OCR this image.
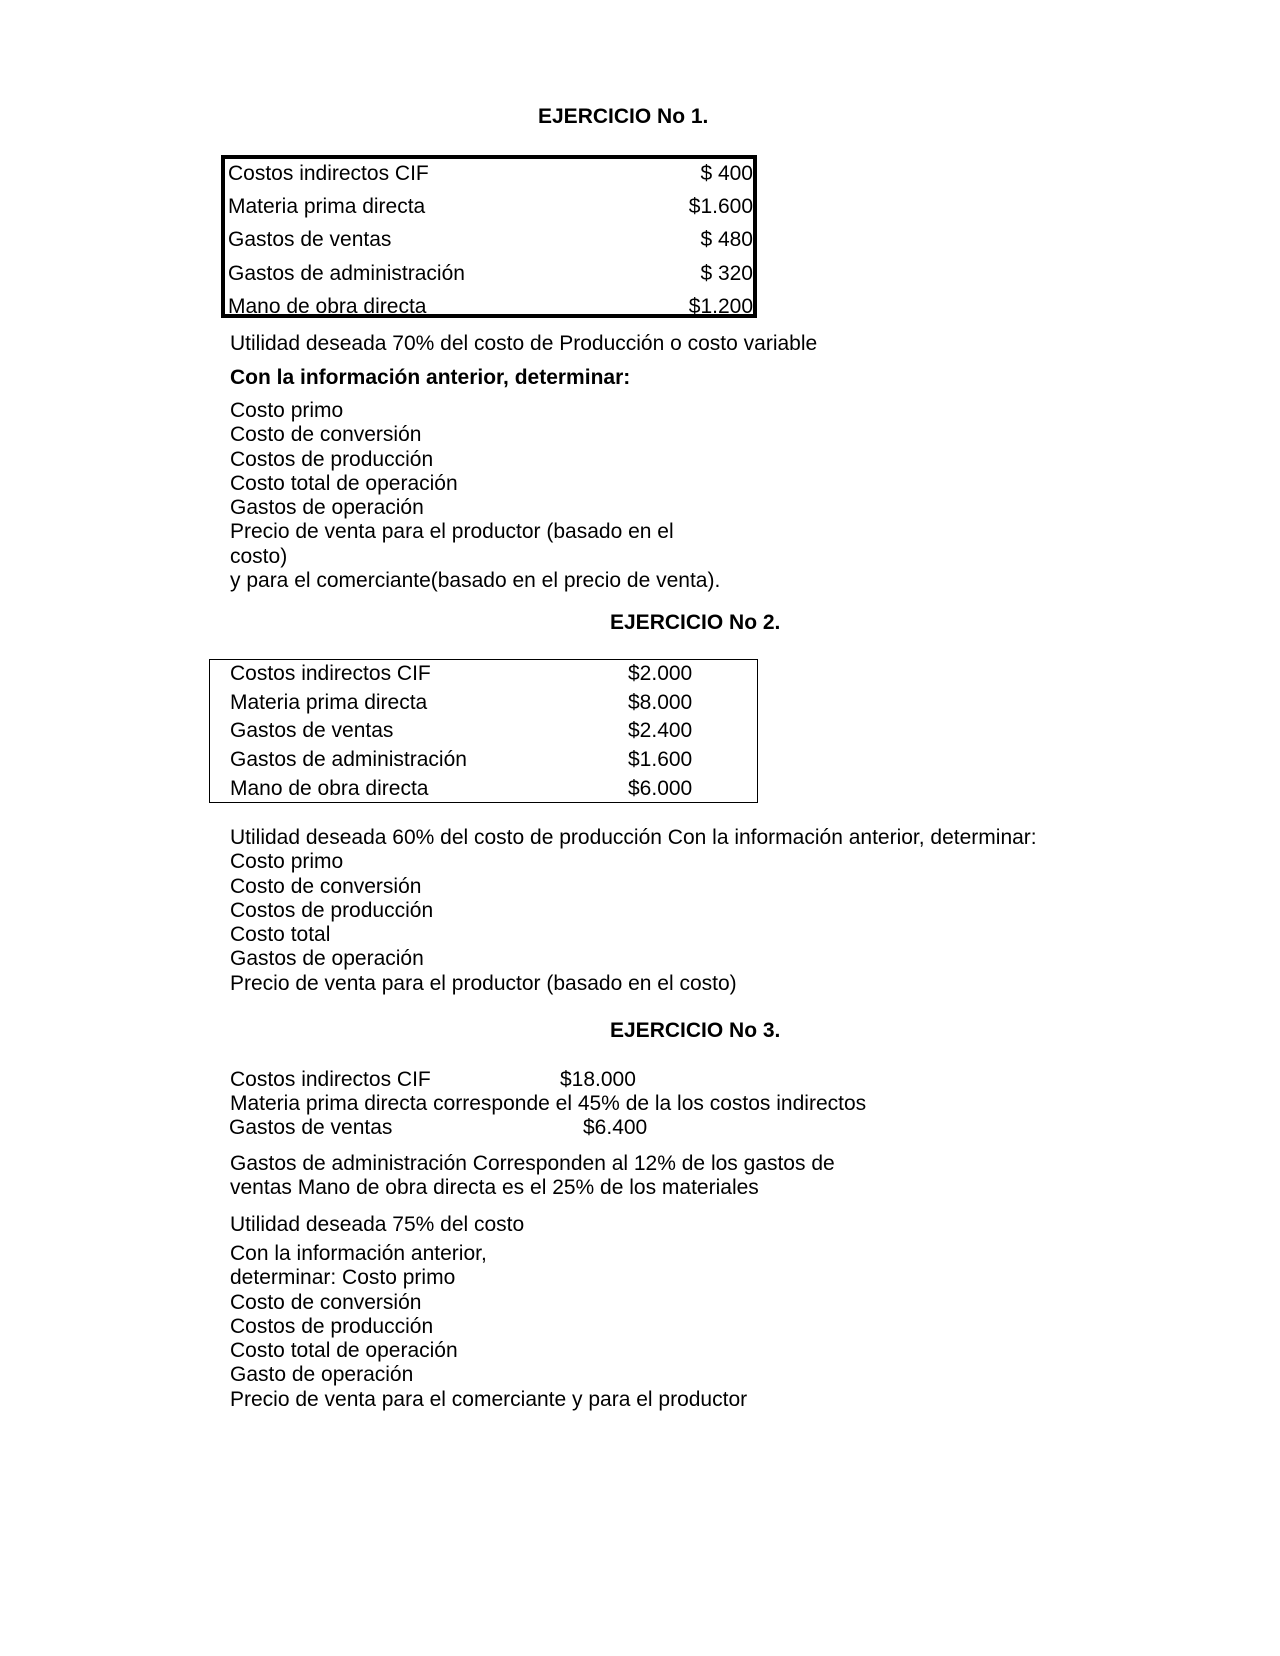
EJERCICIO No 1.
Costos indirectos CIF	$ 400
Materia prima directa	$1.600
Gastos de ventas	$ 480
Gastos de administración	$ 320
Mano de obra directa	$1.200
Utilidad deseada 70% del costo de Producción o costo variable
Con la información anterior, determinar:
Costo primo
Costo de conversión
Costos de producción
Costo total de operación
Gastos de operación
Precio de venta para el productor (basado en el
costo)
y para el comerciante(basado en el precio de venta).
EJERCICIO No 2.
Costos indirectos CIF	$2.000
Materia prima directa	$8.000
Gastos de ventas	$2.400
Gastos de administración	$1.600
Mano de obra directa	$6.000
Utilidad deseada 60% del costo de producción Con la información anterior, determinar:
Costo primo
Costo de conversión
Costos de producción
Costo total
Gastos de operación
Precio de venta para el productor (basado en el costo)
EJERCICIO No 3.
Costos indirectos CIF	$18.000
Materia prima directa corresponde el 45% de la los costos indirectos
Gastos de ventas	$6.400
Gastos de administración Corresponden al 12% de los gastos de
ventas Mano de obra directa es el 25% de los materiales
Utilidad deseada 75% del costo
Con la información anterior,
determinar: Costo primo
Costo de conversión
Costos de producción
Costo total de operación
Gasto de operación
Precio de venta para el comerciante y para el productor
